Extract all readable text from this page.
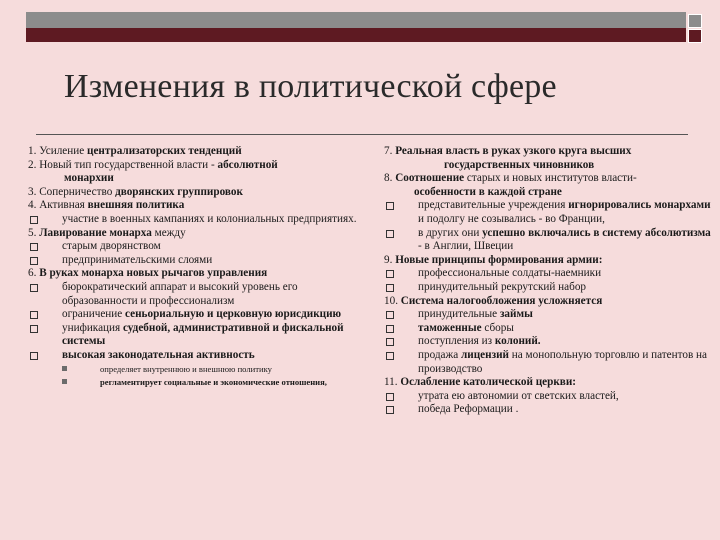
Изменения в политической сфере
1. Усиление централизаторских тенденций
2. Новый тип государственной власти - абсолютной
монархии
3. Соперничество дворянских группировок
4. Активная внешняя политика
участие в военных кампаниях и колониальных предприятиях.
5. Лавирование монарха между
старым дворянством
предпринимательскими слоями
6. В руках монарха новых рычагов управления
бюрократический аппарат и высокий уровень его образованности и профессионализм
ограничение сеньориальную и церковную юрисдикцию
унификация судебной, административной и фискальной системы
высокая законодательная активность
определяет внутреннюю и внешнюю политику
регламентирует социальные и экономические отношения,
7. Реальная власть в руках узкого круга высших
государственных чиновников
8. Соотношение старых и новых институтов власти-
особенности в каждой стране
представительные учреждения игнорировались монархами и подолгу не созывались - во Франции,
в других они успешно включались в систему абсолютизма - в Англии, Швеции
9. Новые принципы формирования армии:
профессиональные солдаты-наемники
принудительный рекрутский набор
10. Система налогообложения усложняется
принудительные займы
таможенные сборы
поступления из колоний.
продажа лицензий на монопольную торговлю и патентов на производство
11. Ослабление католической церкви:
утрата ею автономии от светских властей,
победа Реформации .
